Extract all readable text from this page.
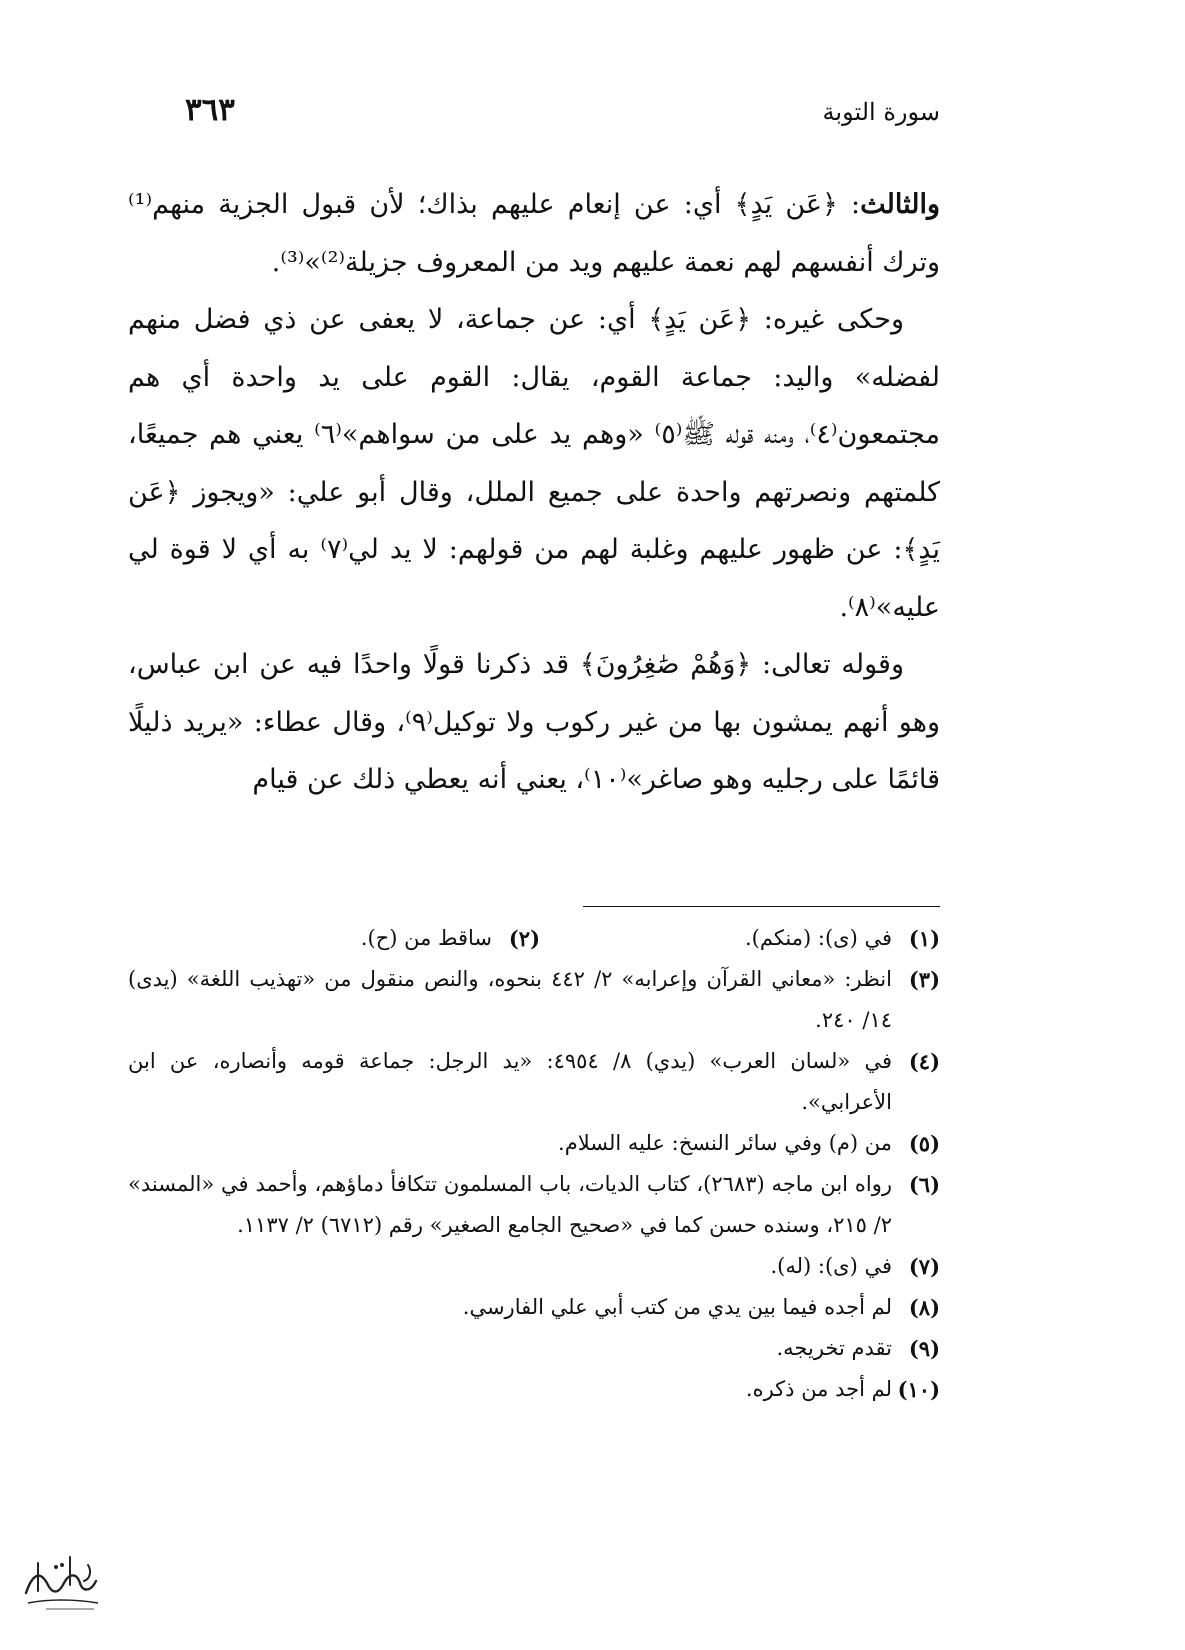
سورة التوبة
٣٦٣

والثالث: ﴿عَن يَدٍ﴾ أي: عن إنعام عليهم بذاك؛ لأن قبول الجزية منهم⁽¹⁾ وترك أنفسهم لهم نعمة عليهم ويد من المعروف جزيلة⁽²⁾»⁽³⁾.

وحكى غيره: ﴿عَن يَدٍ﴾ أي: عن جماعة، لا يعفى عن ذي فضل منهم لفضله» واليد: جماعة القوم، يقال: القوم على يد واحدة أي هم مجتمعون⁽٤⁾، ومنه قوله ﷺ⁽٥⁾ «وهم يد على من سواهم»⁽٦⁾ يعني هم جميعًا، كلمتهم ونصرتهم واحدة على جميع الملل، وقال أبو علي: «ويجوز ﴿عَن يَدٍ﴾: عن ظهور عليهم وغلبة لهم من قولهم: لا يد لي⁽٧⁾ به أي لا قوة لي عليه»⁽٨⁾.

وقوله تعالى: ﴿وَهُمْ صَٰغِرُونَ﴾ قد ذكرنا قولًا واحدًا فيه عن ابن عباس، وهو أنهم يمشون بها من غير ركوب ولا توكيل⁽٩⁾، وقال عطاء: «يريد ذليلًا قائمًا على رجليه وهو صاغر»⁽١٠⁾، يعني أنه يعطي ذلك عن قيام

(١)
في (ى): (منكم).
(٢)
ساقط من (ح).
(٣)
انظر: «معاني القرآن وإعرابه» ٢/ ٤٤٢ بنحوه، والنص منقول من «تهذيب اللغة» (يدى) ١٤/ ٢٤٠.
(٤)
في «لسان العرب» (يدي) ٨/ ٤٩٥٤: «يد الرجل: جماعة قومه وأنصاره، عن ابن الأعرابي».
(٥)
من (م) وفي سائر النسخ: عليه السلام.
(٦)
رواه ابن ماجه (٢٦٨٣)، كتاب الديات، باب المسلمون تتكافأ دماؤهم، وأحمد في «المسند» ٢/ ٢١٥، وسنده حسن كما في «صحيح الجامع الصغير» رقم (٦٧١٢) ٢/ ١١٣٧.
(٧)
في (ى): (له).
(٨)
لم أجده فيما بين يدي من كتب أبي علي الفارسي.
(٩)
تقدم تخريجه.
(١٠)
لم أجد من ذكره.
